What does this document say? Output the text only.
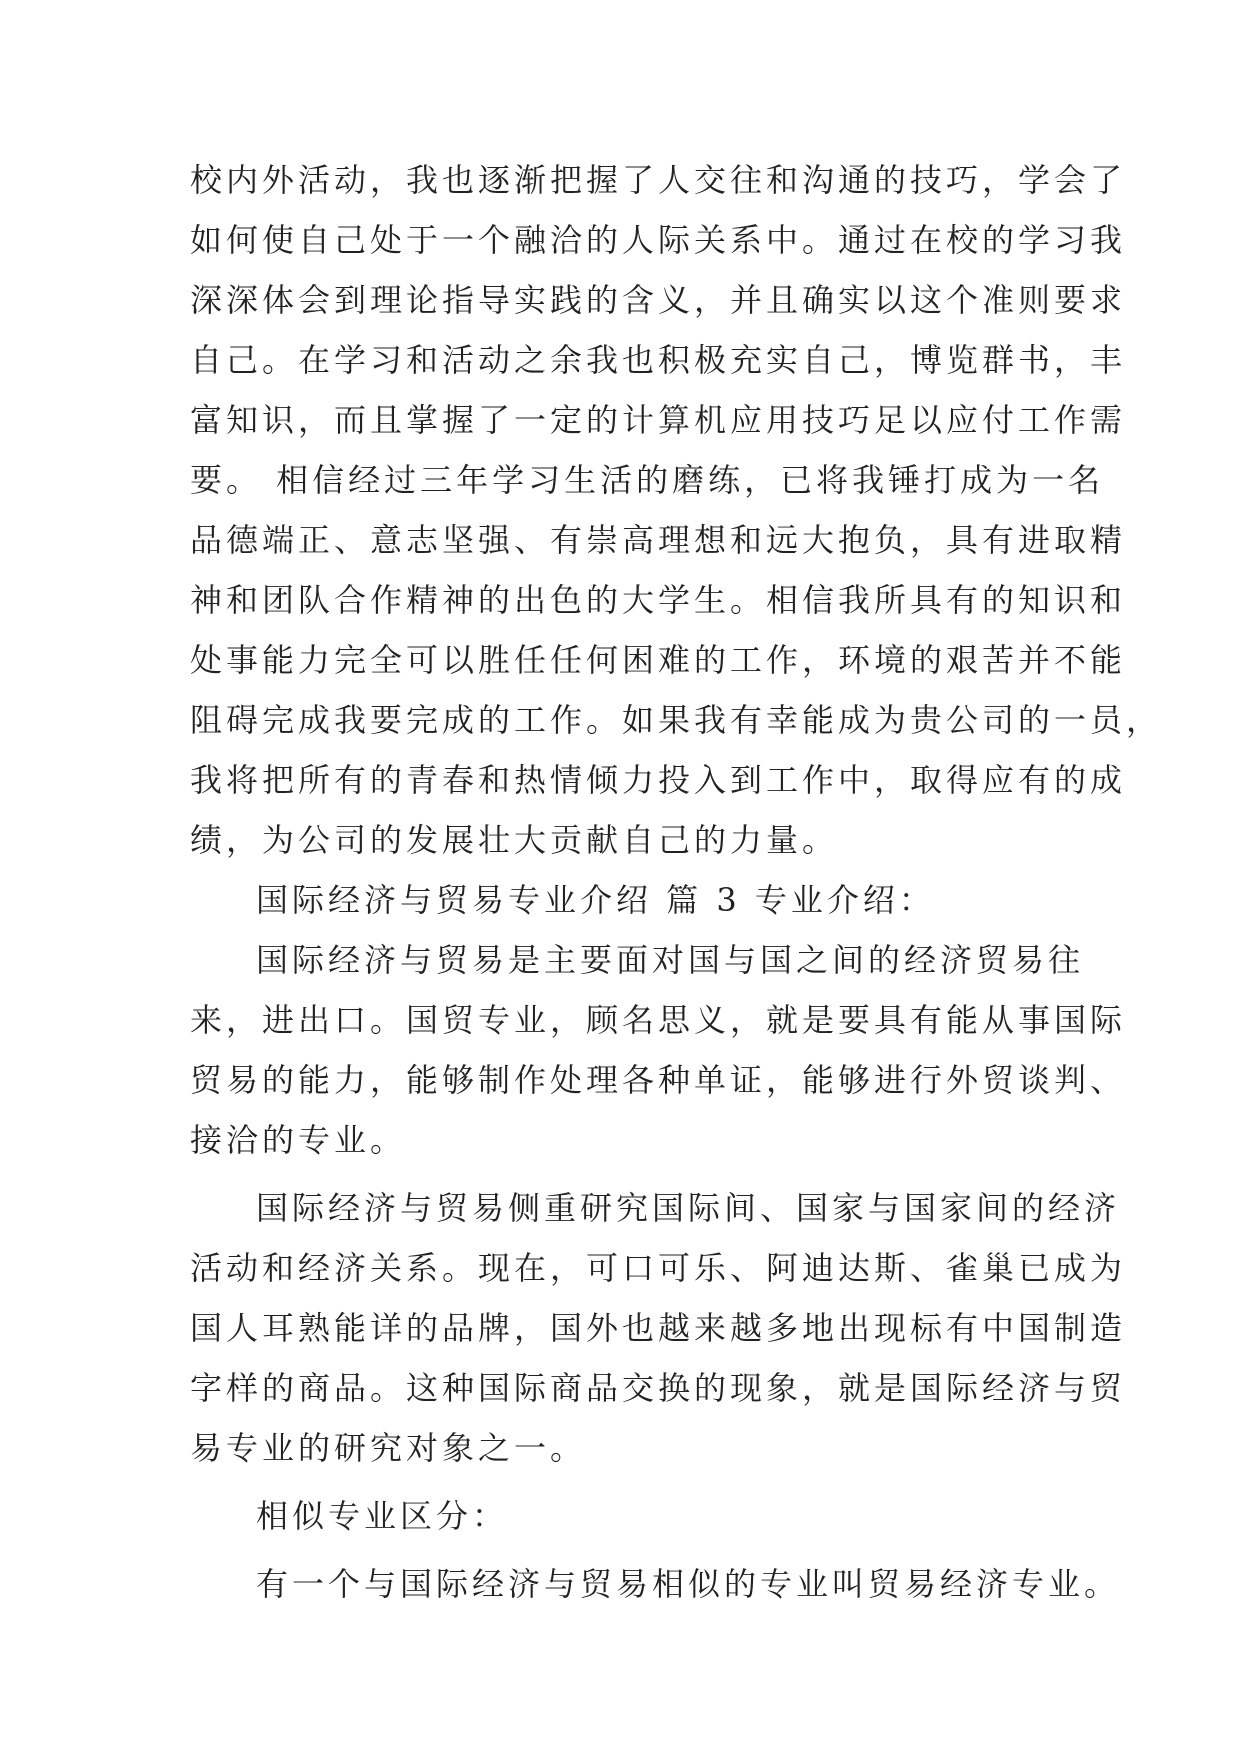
校内外活动，我也逐渐把握了人交往和沟通的技巧，学会了
如何使自己处于一个融洽的人际关系中。通过在校的学习我
深深体会到理论指导实践的含义，并且确实以这个准则要求
自己。在学习和活动之余我也积极充实自己，博览群书，丰
富知识，而且掌握了一定的计算机应用技巧足以应付工作需
要。 相信经过三年学习生活的磨练，已将我锤打成为一名
品德端正、意志坚强、有崇高理想和远大抱负，具有进取精
神和团队合作精神的出色的大学生。相信我所具有的知识和
处事能力完全可以胜任任何困难的工作，环境的艰苦并不能
阻碍完成我要完成的工作。如果我有幸能成为贵公司的一员，
我将把所有的青春和热情倾力投入到工作中，取得应有的成
绩，为公司的发展壮大贡献自己的力量。
国际经济与贸易专业介绍 篇 3 专业介绍：
国际经济与贸易是主要面对国与国之间的经济贸易往
来，进出口。国贸专业，顾名思义，就是要具有能从事国际
贸易的能力，能够制作处理各种单证，能够进行外贸谈判、
接洽的专业。
国际经济与贸易侧重研究国际间、国家与国家间的经济
活动和经济关系。现在，可口可乐、阿迪达斯、雀巢已成为
国人耳熟能详的品牌，国外也越来越多地出现标有中国制造
字样的商品。这种国际商品交换的现象，就是国际经济与贸
易专业的研究对象之一。
相似专业区分：
有一个与国际经济与贸易相似的专业叫贸易经济专业。
